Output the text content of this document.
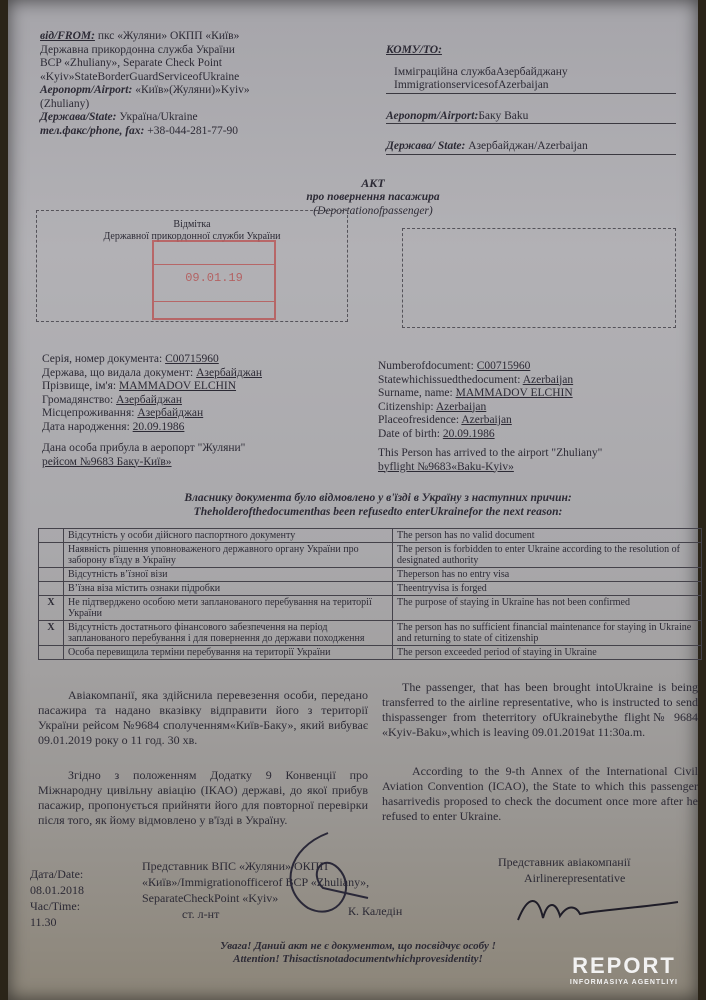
від/FROM: пкс «Жуляни» ОКПП «Київ»
Державна прикордонна служба України
BCP «Zhuliany», Separate Check Point
«Kyiv»StateBorderGuardServiceofUkraine
Аеропорт/Airport: «Київ»(Жуляни)»Kyiv»
(Zhuliany)
Держава/State: Україна/Ukraine
тел.факс/phone, fax: +38-044-281-77-90
КОМУ/TO:
Імміграційна службаАзербайджану
ImmigrationservicesofAzerbaijan
Аеропорт/Airport:Баку Baku
Держава/ State: Азербайджан/Azerbaijan
АКТ
про повернення пасажира
(Deportationofpassenger)
Відмітка
Державної прикордонної служби України
09.01.19
Серія, номер документа: С00715960
Держава, що видала документ: Азербайджан
Прізвище, ім'я: MAMMADOV ELCHIN
Громадянство: Азербайджан
Місцепроживання: Азербайджан
Дата народження: 20.09.1986
Дана особа прибула в аеропорт "Жуляни"
рейсом №9683 Баку-Київ»
Numberofdocument: С00715960
Statewhichissuedthedocument: Azerbaijan
Surname, name: MAMMADOV ELCHIN
Citizenship: Azerbaijan
Placeofresidence: Azerbaijan
Date of birth: 20.09.1986
This Person has arrived to the airport "Zhuliany"
byflight №9683«Baku-Kyiv»
Власнику документа було відмовлено у в'їзді в Україну з наступних причин:
Theholderofthedocumenthas been refusedto enterUkrainefor the next reason:
	Відсутність у особи дійсного паспортного документу	The person has no valid document
	Наявність рішення уповноваженого державного органу України про заборону в'їзду в Україну	The person is forbidden to enter Ukraine according to the resolution of designated authority
	Відсутність в’їзної візи	Theperson has no entry visa
	В’їзна віза містить ознаки підробки	Theentryvisa is forged
X	Не підтверджено особою мети запланованого перебування на території України	The purpose of staying in Ukraine has not been confirmed
X	Відсутність достатнього фінансового забезпечення на період запланованого перебування і для повернення до держави походження	The person has no sufficient financial maintenance for staying in Ukraine and returning to state of citizenship
	Особа перевищила терміни перебування на території України	The person exceeded period of staying in Ukraine
Авіакомпанії, яка здійснила перевезення особи, передано пасажира та надано вказівку відправити його з території України рейсом №9684 сполученням«Київ-Баку», який вибуває 09.01.2019 року о 11 год. 30 хв.
The passenger, that has been brought intoUkraine is being transferred to the airline representative, who is instructed to send thispassenger from theterritory ofUkrainebythe flight№ 9684 «Kyiv-Baku»,which is leaving 09.01.2019at 11:30a.m.
Згідно з положенням Додатку 9 Конвенції про Міжнародну цивільну авіацію (ІКАО) державі, до якої прибув пасажир, пропонується прийняти його для повторної перевірки після того, як йому відмовлено у в'їзді в Україну.
According to the 9-th Annex of the International Civil Aviation Convention (ICAO), the State to which this passenger hasarrivedis proposed to check the document once more after he refused to enter Ukraine.
Дата/Date:
08.01.2018
Час/Time:
11.30
Представник ВПС «Жуляни» ОКПП
«Київ»/Immigrationofficerof BCP «Zhuliany»,
SeparateCheckPoint «Kyiv»
ст. л-нт	К. Каледін
Представник авіакомпанії
Airlinerepresentative
Увага! Даний акт не є документом, що посвідчує особу !
Attention! Thisactisnotadocumentwhichprovesidentity!	REPORT
INFORMASIYA AGENTLIYI
